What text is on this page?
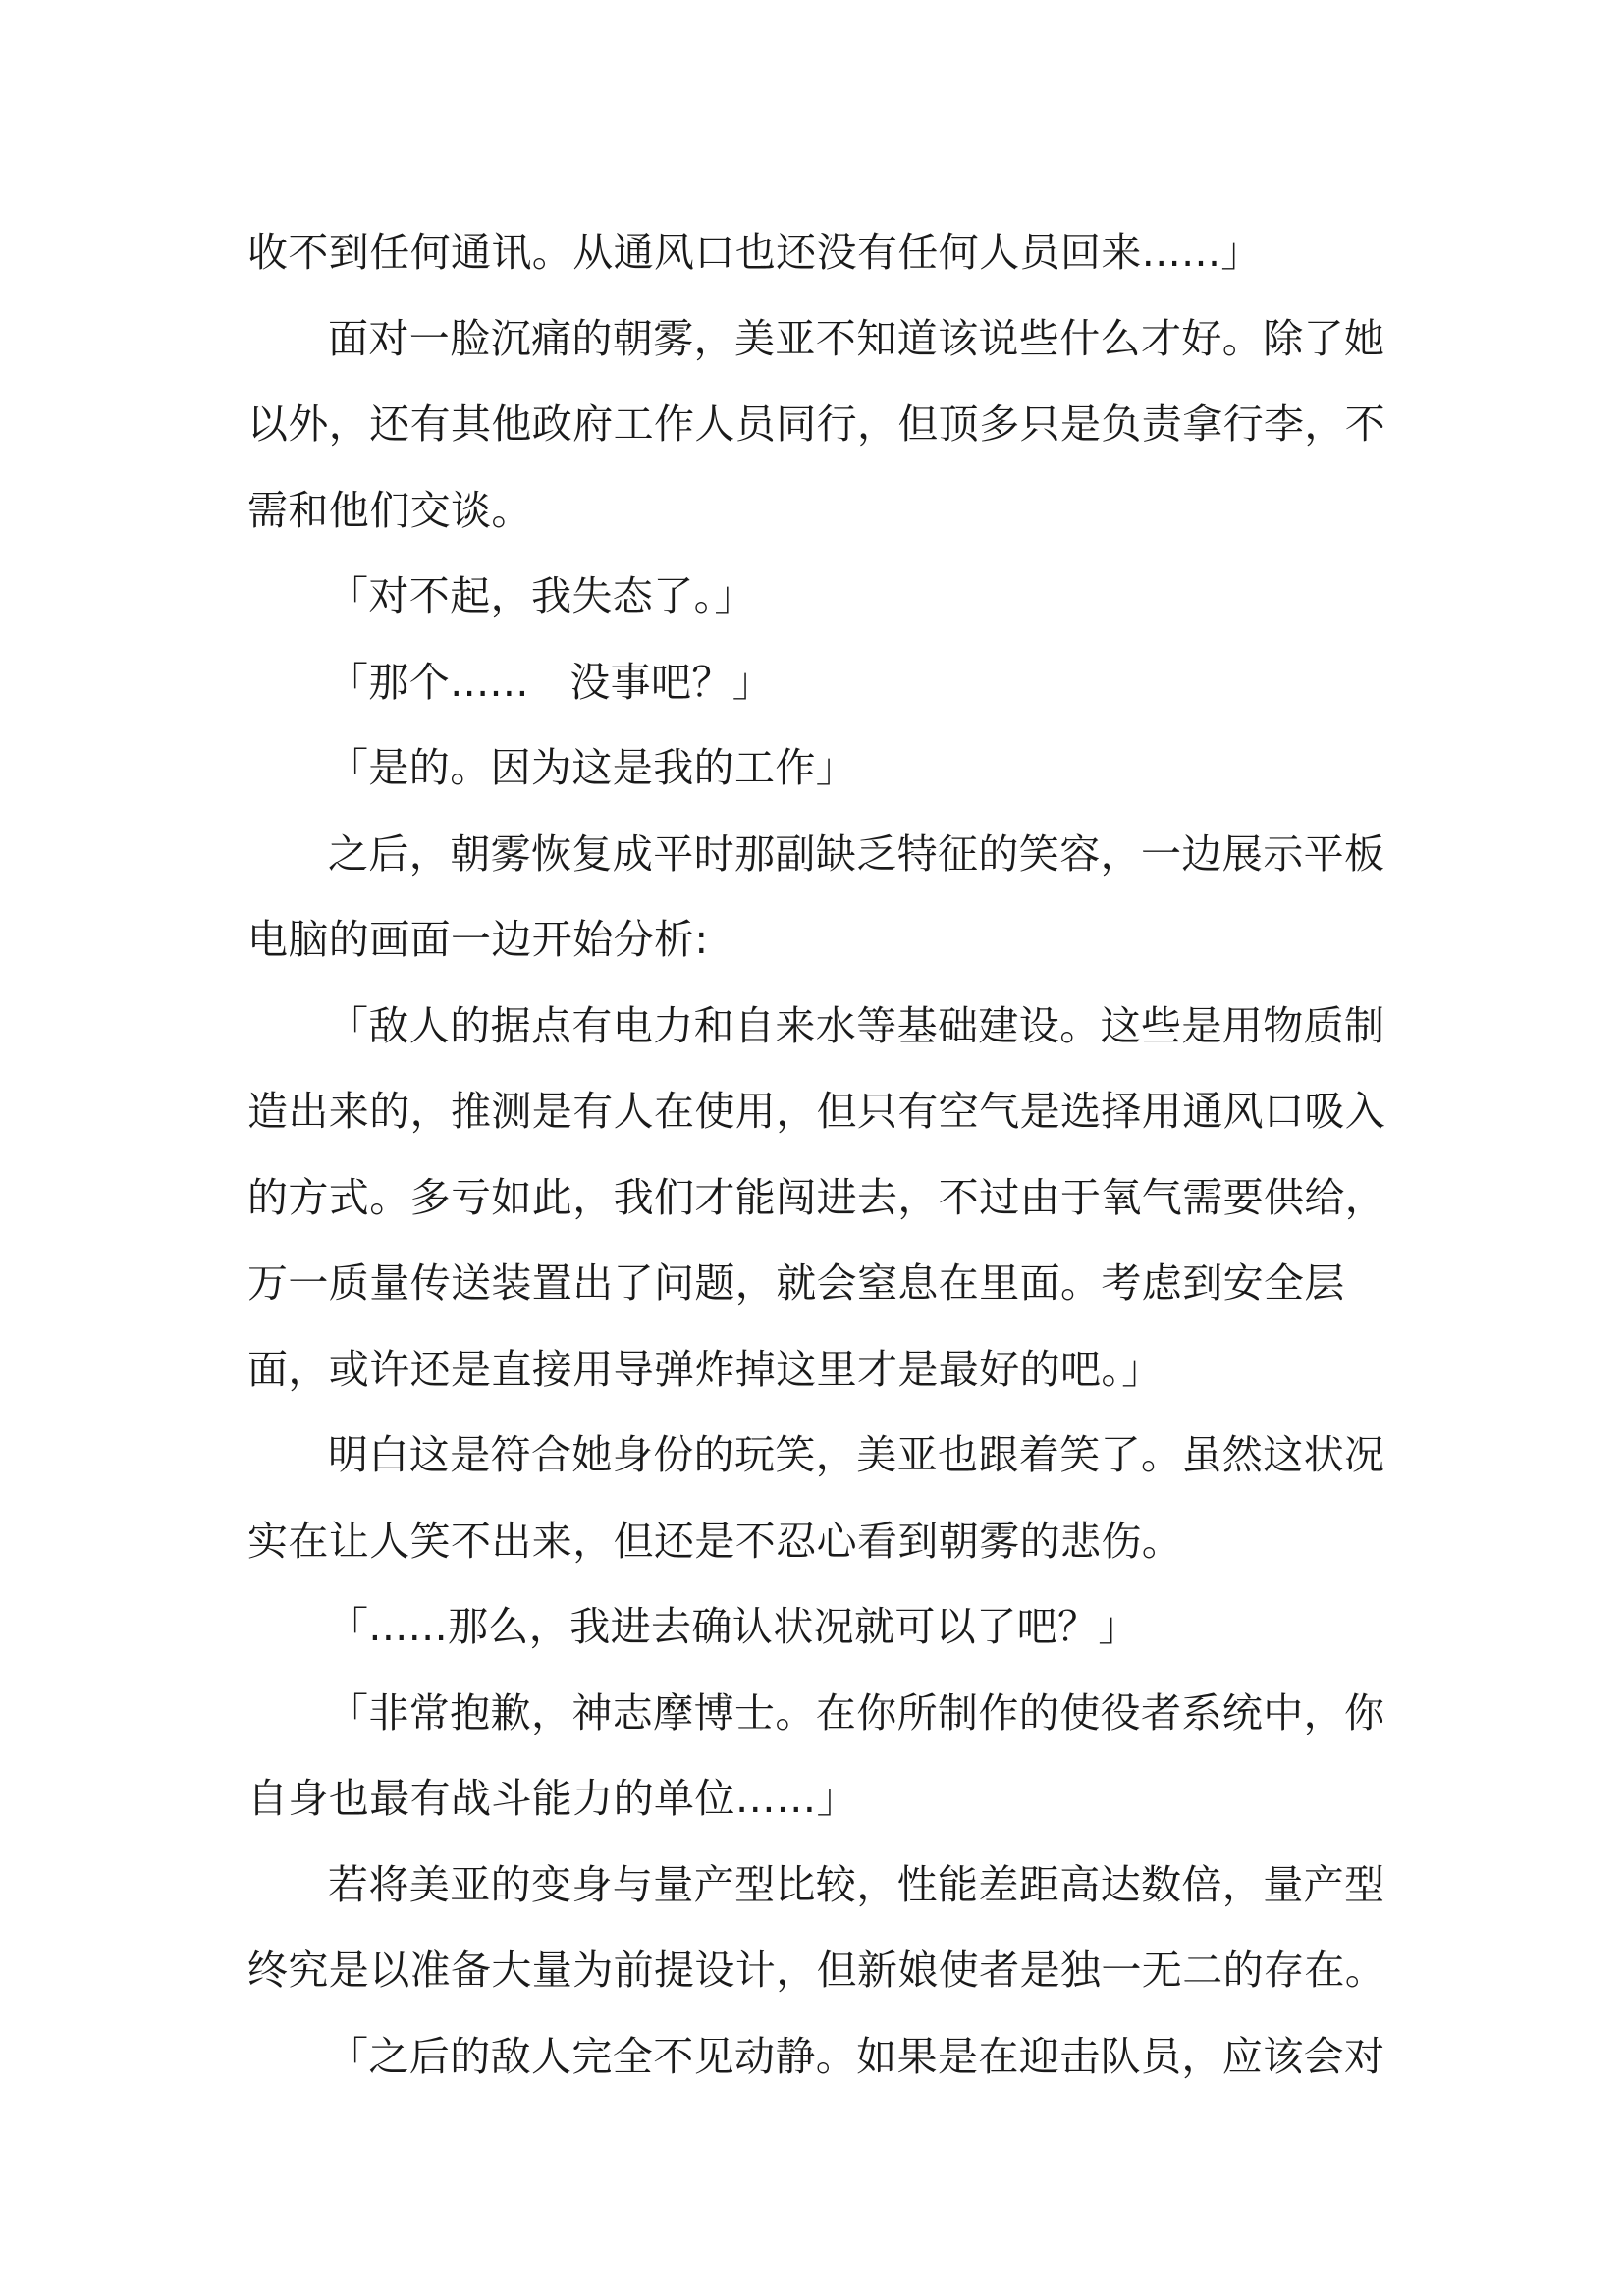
收不到任何通讯。从通风口也还没有任何人员回来......」

面对一脸沉痛的朝雾，美亚不知道该说些什么才好。除了她以外，还有其他政府工作人员同行，但顶多只是负责拿行李，不需和他们交谈。

「对不起，我失态了。」

「那个......　没事吧？」

「是的。因为这是我的工作」

之后，朝雾恢复成平时那副缺乏特征的笑容，一边展示平板电脑的画面一边开始分析:

「敌人的据点有电力和自来水等基础建设。这些是用物质制造出来的，推测是有人在使用，但只有空气是选择用通风口吸入的方式。多亏如此，我们才能闯进去，不过由于氧气需要供给，万一质量传送装置出了问题，就会窒息在里面。考虑到安全层面，或许还是直接用导弹炸掉这里才是最好的吧。」

明白这是符合她身份的玩笑，美亚也跟着笑了。虽然这状况实在让人笑不出来，但还是不忍心看到朝雾的悲伤。

「......那么，我进去确认状况就可以了吧？」

「非常抱歉，神志摩博士。在你所制作的使役者系统中，你自身也最有战斗能力的单位……」

若将美亚的变身与量产型比较，性能差距高达数倍，量产型终究是以准备大量为前提设计，但新娘使者是独一无二的存在。

「之后的敌人完全不见动静。如果是在迎击队员，应该会对
